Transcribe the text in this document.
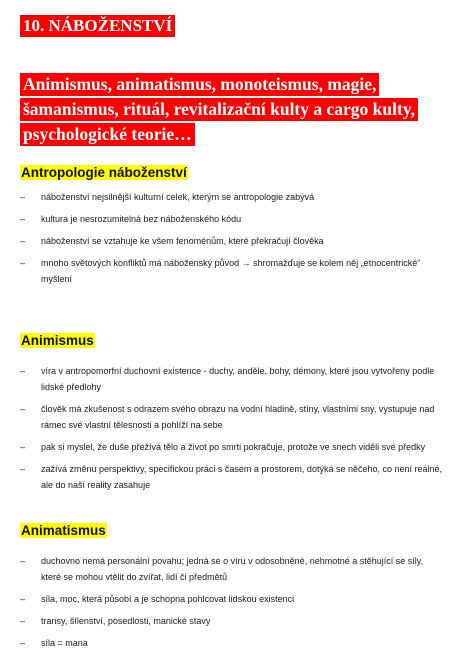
10. NÁBOŽENSTVÍ
Animismus, animatismus, monoteismus, magie, šamanismus, rituál, revitalizační kulty a cargo kulty, psychologické teorie…
Antropologie náboženství
–	náboženství nejsilnější kulturní celek, kterým se antropologie zabývá
–	kultura je nesrozumitelná bez náboženského kódu
–	náboženství se vztahuje ke všem fenoménům, které překračují člověka
–	mnoho světových konfliktů má náboženský původ → shromažďuje se kolem něj „etnocentrické“ myšlení
Animismus
–	víra v antropomorfní duchovní existence - duchy, anděle, bohy, démony, které jsou vytvořeny podle lidské předlohy
–	člověk má zkušenost s odrazem svého obrazu na vodní hladině, stíny, vlastními sny, vystupuje nad rámec své vlastní tělesnosti a pohlíží na sebe
–	pak si myslel, že duše přežívá tělo a život po smrti pokračuje, protože ve snech viděli své předky
–	zažívá změnu perspektivy, specifickou práci s časem a prostorem, dotýká se něčeho, co není reálné, ale do naší reality zasahuje
Animatismus
–	duchovno nemá personální povahu; jedná se o víru v odosobněné, nehmotné a stěhující se síly, které se mohou vtělit do zvířat, lidí či předmětů
–	síla, moc, která působí a je schopna pohlcovat lidskou existenci
–	transy, šílenství, posedlosti, manické stavy
–	síla = mana
